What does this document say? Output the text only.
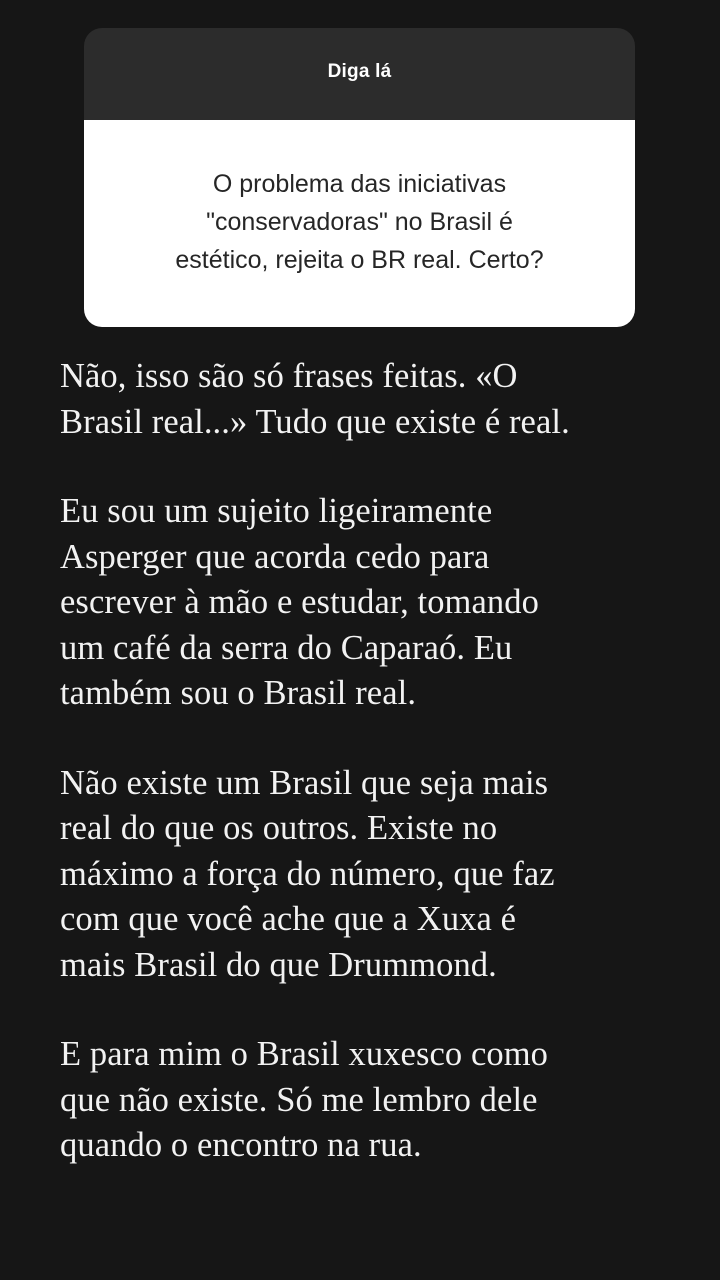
Diga lá
O problema das iniciativas
"conservadoras" no Brasil é
estético, rejeita o BR real. Certo?

Não, isso são só frases feitas. «O
Brasil real...» Tudo que existe é real.

Eu sou um sujeito ligeiramente
Asperger que acorda cedo para
escrever à mão e estudar, tomando
um café da serra do Caparaó. Eu
também sou o Brasil real.

Não existe um Brasil que seja mais
real do que os outros. Existe no
máximo a força do número, que faz
com que você ache que a Xuxa é
mais Brasil do que Drummond.

E para mim o Brasil xuxesco como
que não existe. Só me lembro dele
quando o encontro na rua.
